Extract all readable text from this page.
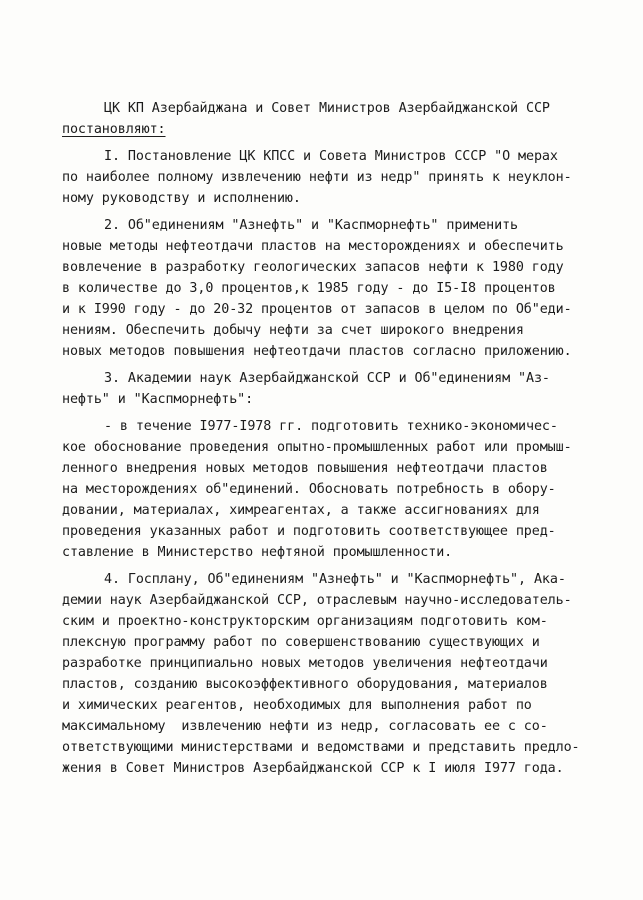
ЦК КП Азербайджана и Совет Министров Азербайджанской ССР
постановляют:
I. Постановление ЦК КПСС и Совета Министров СССР "О мерах
по наиболее полному извлечению нефти из недр" принять к неуклон-
ному руководству и исполнению.
2. Об"единениям "Азнефть" и "Каспморнефть" применить
новые методы нефтеотдачи пластов на месторождениях и обеспечить
вовлечение в разработку геологических запасов нефти к 1980 году
в количестве до 3,0 процентов,к 1985 году - до I5-I8 процентов
и к I990 году - до 20-32 процентов от запасов в целом по Об"еди-
нениям. Обеспечить добычу нефти за счет широкого внедрения
новых методов повышения нефтеотдачи пластов согласно приложению.
3. Академии наук Азербайджанской ССР и Об"единениям "Аз-
нефть" и "Каспморнефть":
- в течение I977-I978 гг. подготовить технико-экономичес-
кое обоснование проведения опытно-промышленных работ или промыш-
ленного внедрения новых методов повышения нефтеотдачи пластов
на месторождениях об"единений. Обосновать потребность в обору-
довании, материалах, химреагентах, а также ассигнованиях для
проведения указанных работ и подготовить соответствующее пред-
ставление в Министерство нефтяной промышленности.
4. Госплану, Об"единениям "Азнефть" и "Каспморнефть", Ака-
демии наук Азербайджанской ССР, отраслевым научно-исследователь-
ским и проектно-конструкторским организациям подготовить ком-
плексную программу работ по совершенствованию существующих и
разработке принципиально новых методов увеличения нефтеотдачи
пластов, созданию высокоэффективного оборудования, материалов
и химических реагентов, необходимых для выполнения работ по
максимальному  извлечению нефти из недр, согласовать ее с со-
ответствующими министерствами и ведомствами и представить предло-
жения в Совет Министров Азербайджанской ССР к I июля I977 года.
